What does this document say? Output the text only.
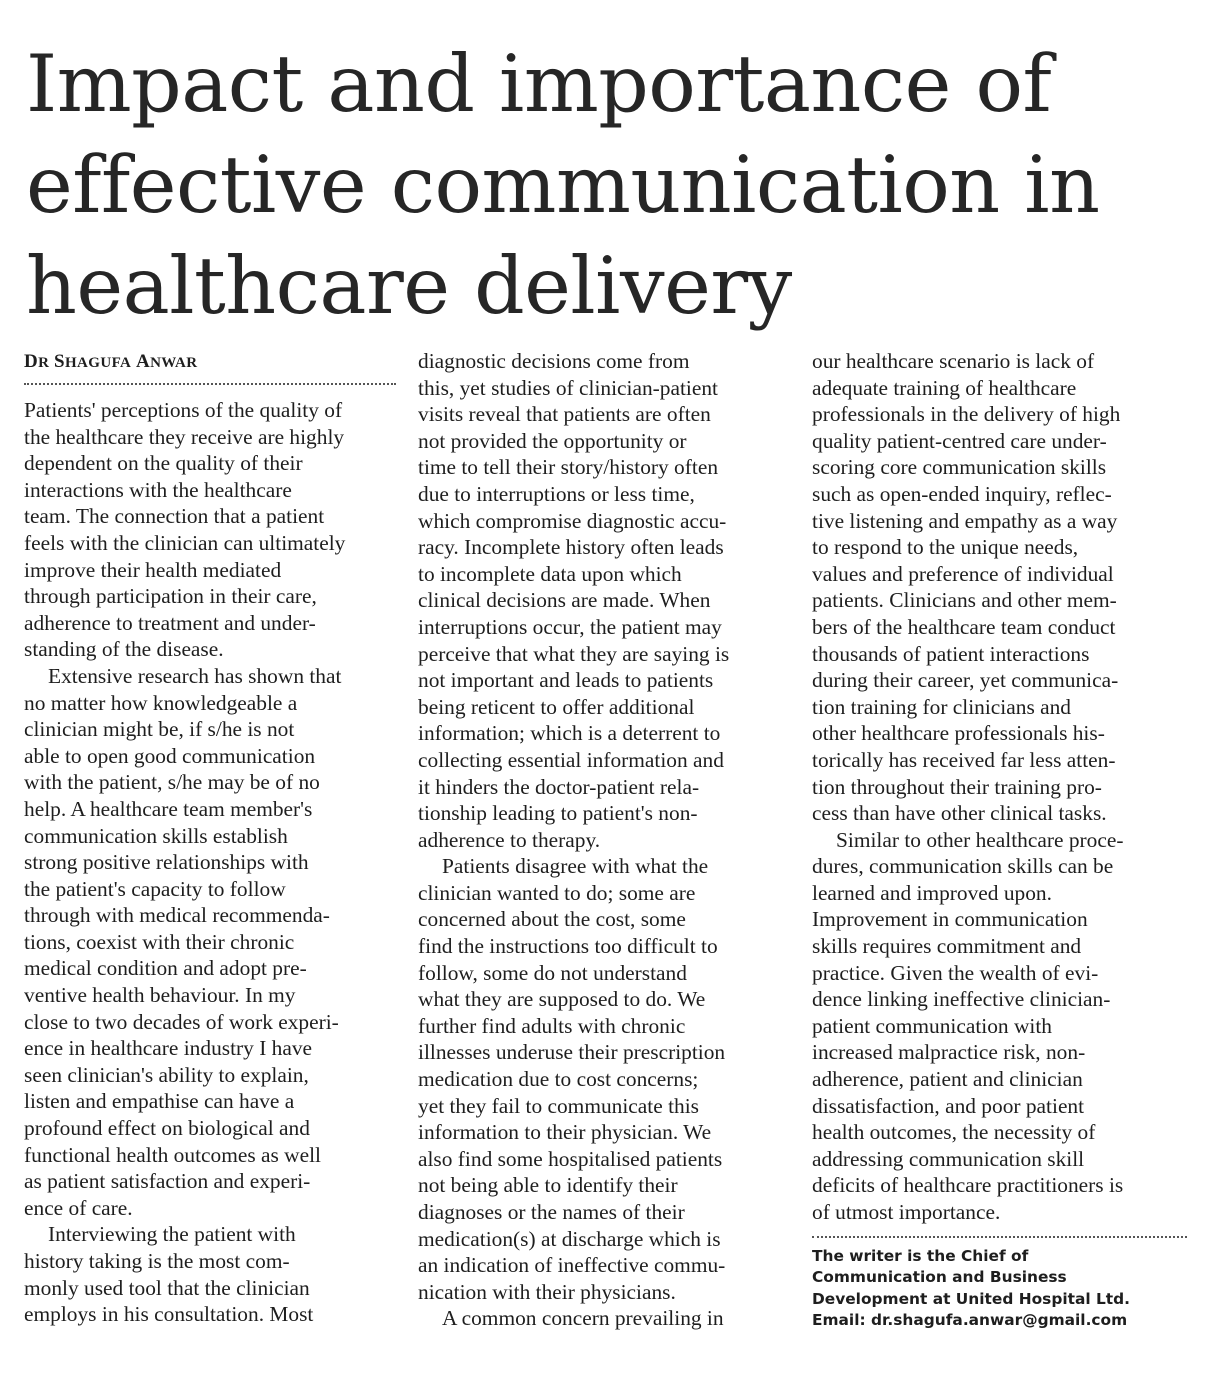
Impact and importance of
effective communication in
healthcare delivery
DR SHAGUFA ANWAR
Patients' perceptions of the quality of
the healthcare they receive are highly
dependent on the quality of their
interactions with the healthcare
team. The connection that a patient
feels with the clinician can ultimately
improve their health mediated
through participation in their care,
adherence to treatment and under-
standing of the disease.
Extensive research has shown that
no matter how knowledgeable a
clinician might be, if s/he is not
able to open good communication
with the patient, s/he may be of no
help. A healthcare team member's
communication skills establish
strong positive relationships with
the patient's capacity to follow
through with medical recommenda-
tions, coexist with their chronic
medical condition and adopt pre-
ventive health behaviour. In my
close to two decades of work experi-
ence in healthcare industry I have
seen clinician's ability to explain,
listen and empathise can have a
profound effect on biological and
functional health outcomes as well
as patient satisfaction and experi-
ence of care.
Interviewing the patient with
history taking is the most com-
monly used tool that the clinician
employs in his consultation. Most
diagnostic decisions come from
this, yet studies of clinician-patient
visits reveal that patients are often
not provided the opportunity or
time to tell their story/history often
due to interruptions or less time,
which compromise diagnostic accu-
racy. Incomplete history often leads
to incomplete data upon which
clinical decisions are made. When
interruptions occur, the patient may
perceive that what they are saying is
not important and leads to patients
being reticent to offer additional
information; which is a deterrent to
collecting essential information and
it hinders the doctor-patient rela-
tionship leading to patient's non-
adherence to therapy.
Patients disagree with what the
clinician wanted to do; some are
concerned about the cost, some
find the instructions too difficult to
follow, some do not understand
what they are supposed to do. We
further find adults with chronic
illnesses underuse their prescription
medication due to cost concerns;
yet they fail to communicate this
information to their physician. We
also find some hospitalised patients
not being able to identify their
diagnoses or the names of their
medication(s) at discharge which is
an indication of ineffective commu-
nication with their physicians.
A common concern prevailing in
our healthcare scenario is lack of
adequate training of healthcare
professionals in the delivery of high
quality patient-centred care under-
scoring core communication skills
such as open-ended inquiry, reflec-
tive listening and empathy as a way
to respond to the unique needs,
values and preference of individual
patients. Clinicians and other mem-
bers of the healthcare team conduct
thousands of patient interactions
during their career, yet communica-
tion training for clinicians and
other healthcare professionals his-
torically has received far less atten-
tion throughout their training pro-
cess than have other clinical tasks.
Similar to other healthcare proce-
dures, communication skills can be
learned and improved upon.
Improvement in communication
skills requires commitment and
practice. Given the wealth of evi-
dence linking ineffective clinician-
patient communication with
increased malpractice risk, non-
adherence, patient and clinician
dissatisfaction, and poor patient
health outcomes, the necessity of
addressing communication skill
deficits of healthcare practitioners is
of utmost importance.
The writer is the Chief of
Communication and Business
Development at United Hospital Ltd.
Email: dr.shagufa.anwar@gmail.com
